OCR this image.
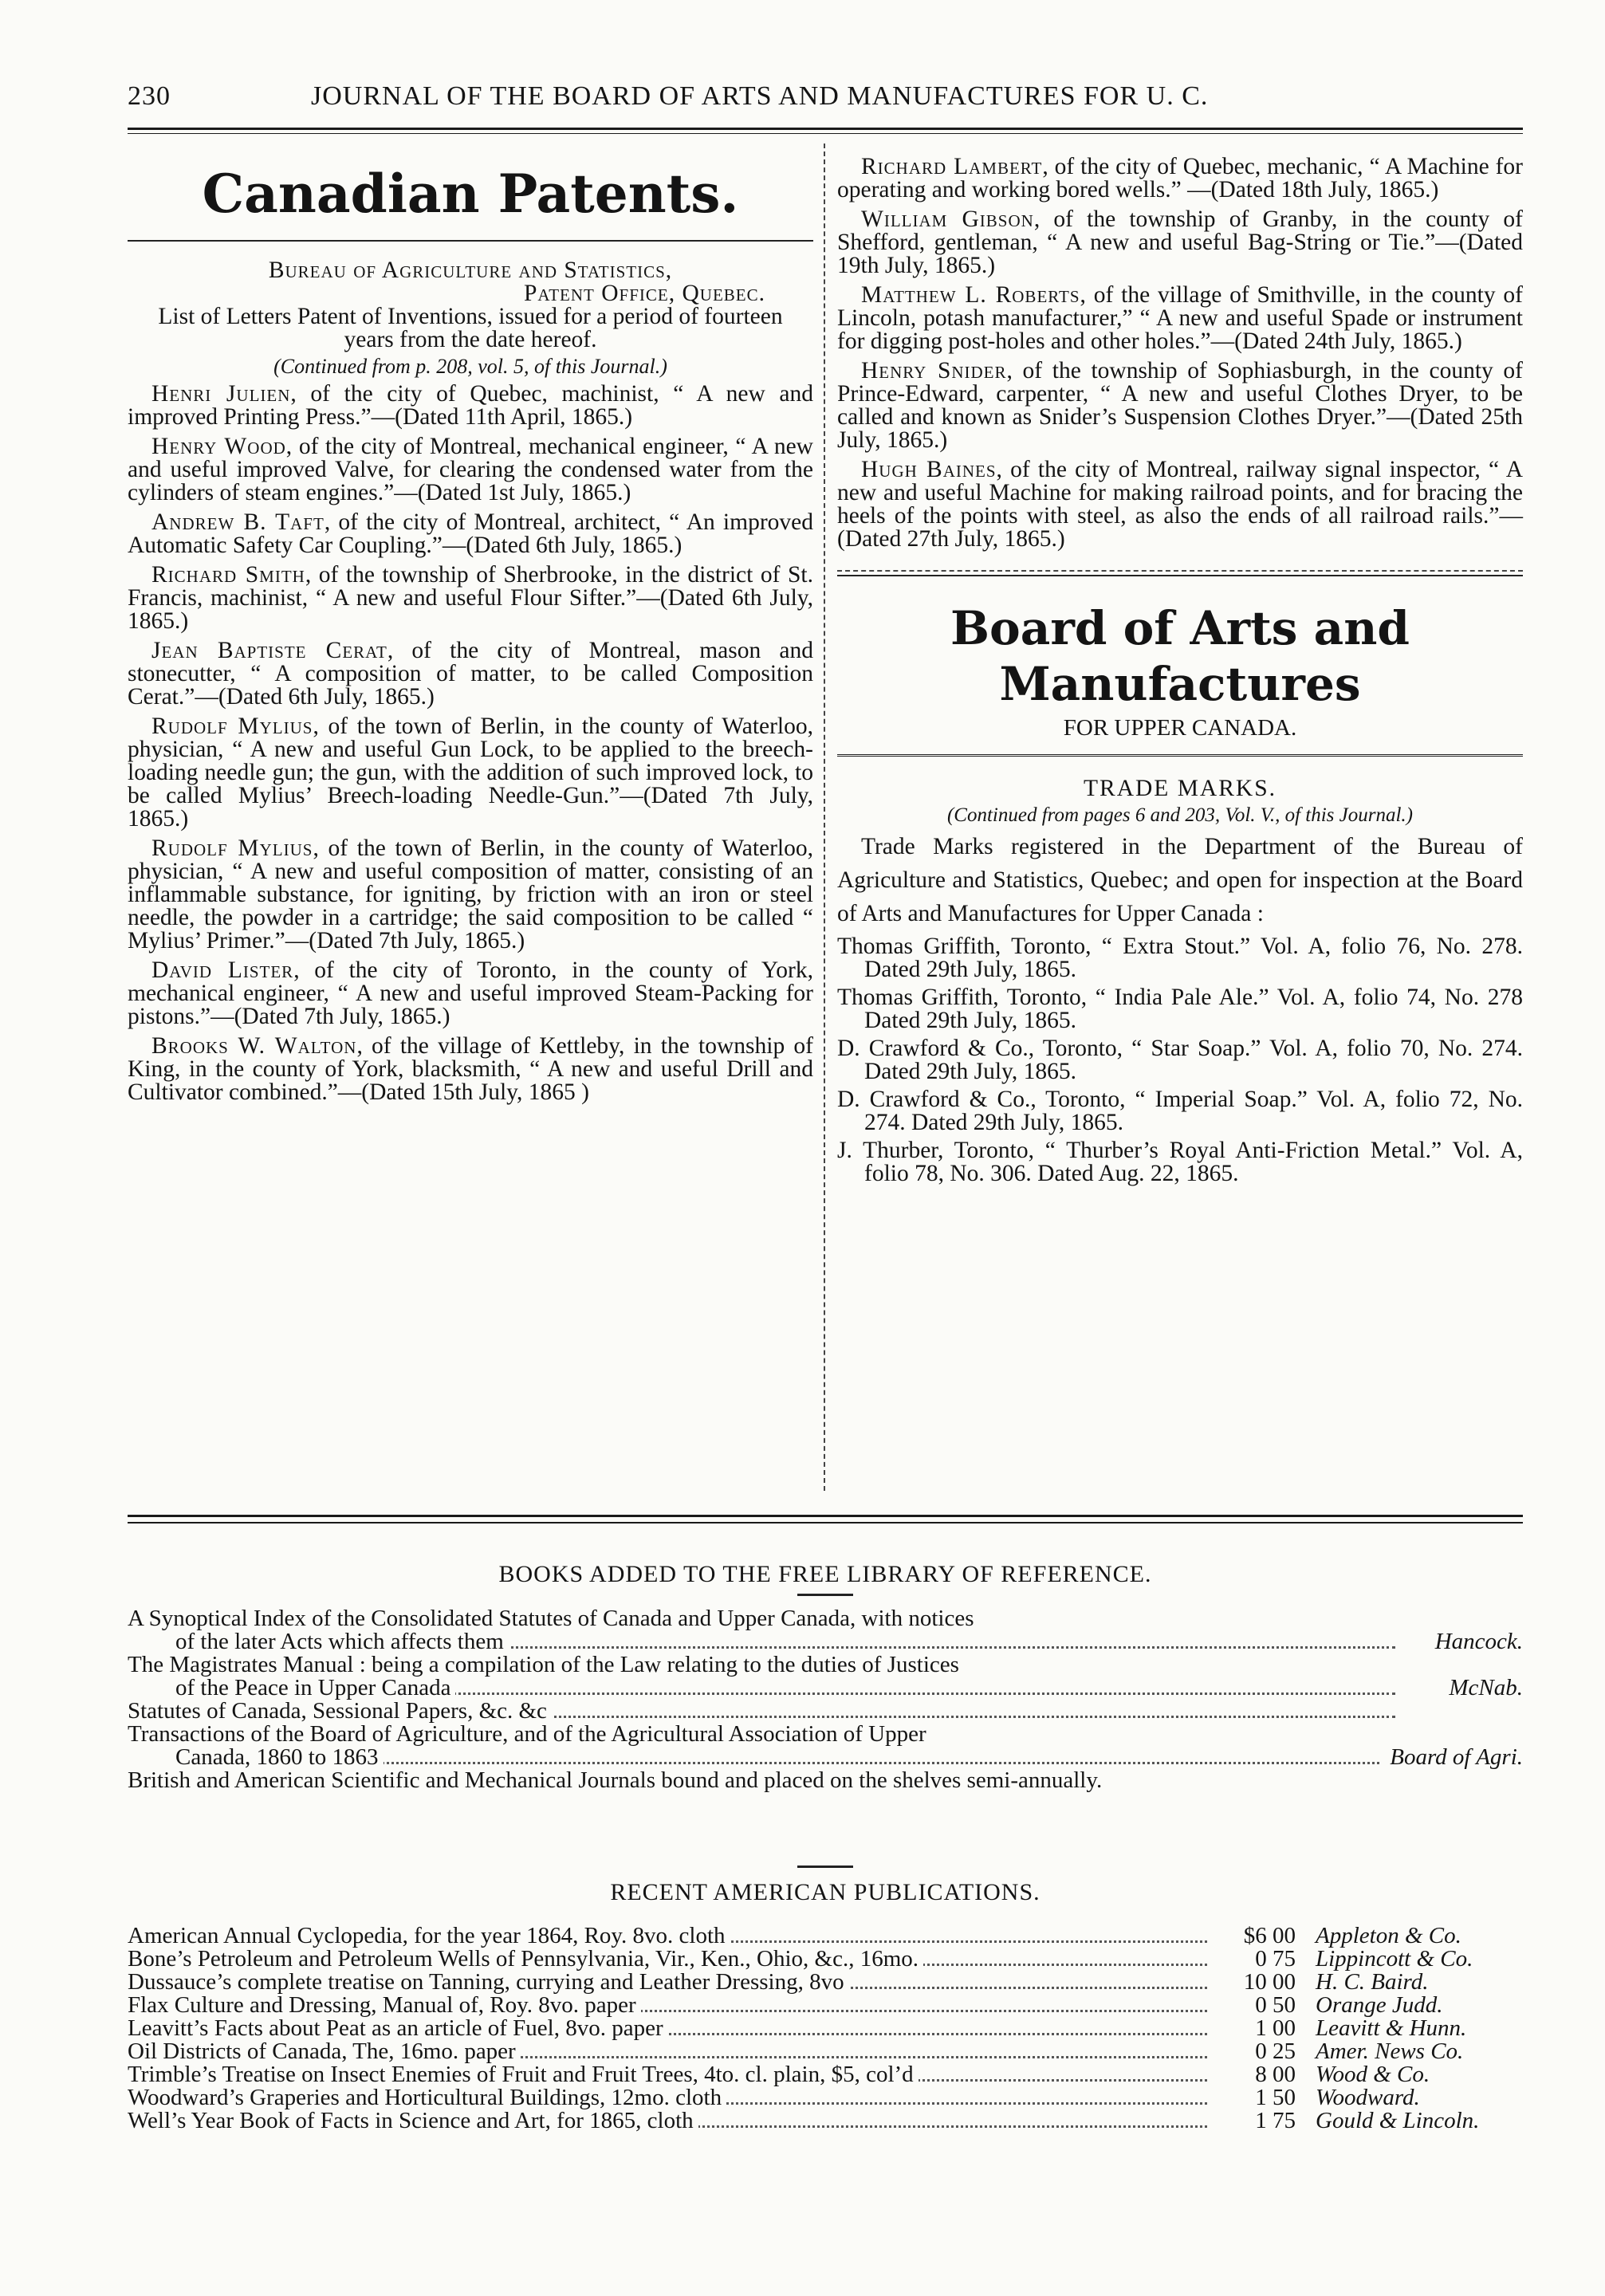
230	JOURNAL OF THE BOARD OF ARTS AND MANUFACTURES FOR U. C.
Canadian Patents.
Bureau of Agriculture and Statistics,
Patent Office, Quebec.
List of Letters Patent of Inventions, issued for a period of fourteen years from the date hereof.
(Continued from p. 208, vol. 5, of this Journal.)
Henri Julien, of the city of Quebec, machinist, “ A new and improved Printing Press.”—(Dated 11th April, 1865.)
Henry Wood, of the city of Montreal, mechanical engineer, “ A new and useful improved Valve, for clearing the condensed water from the cylinders of steam engines.”—(Dated 1st July, 1865.)
Andrew B. Taft, of the city of Montreal, architect, “ An improved Automatic Safety Car Coupling.”—(Dated 6th July, 1865.)
Richard Smith, of the township of Sherbrooke, in the district of St. Francis, machinist, “ A new and useful Flour Sifter.”—(Dated 6th July, 1865.)
Jean Baptiste Cerat, of the city of Montreal, mason and stonecutter, “ A composition of matter, to be called Composition Cerat.”—(Dated 6th July, 1865.)
Rudolf Mylius, of the town of Berlin, in the county of Waterloo, physician, “ A new and useful Gun Lock, to be applied to the breech-loading needle gun; the gun, with the addition of such improved lock, to be called Mylius’ Breech-loading Needle-Gun.”—(Dated 7th July, 1865.)
Rudolf Mylius, of the town of Berlin, in the county of Waterloo, physician, “ A new and useful composition of matter, consisting of an inflammable substance, for igniting, by friction with an iron or steel needle, the powder in a cartridge; the said composition to be called “ Mylius’ Primer.”—(Dated 7th July, 1865.)
David Lister, of the city of Toronto, in the county of York, mechanical engineer, “ A new and useful improved Steam-Packing for pistons.”—(Dated 7th July, 1865.)
Brooks W. Walton, of the village of Kettleby, in the township of King, in the county of York, blacksmith, “ A new and useful Drill and Cultivator combined.”—(Dated 15th July, 1865 )
Richard Lambert, of the city of Quebec, mechanic, “ A Machine for operating and working bored wells.” —(Dated 18th July, 1865.)
William Gibson, of the township of Granby, in the county of Shefford, gentleman, “ A new and useful Bag-String or Tie.”—(Dated 19th July, 1865.)
Matthew L. Roberts, of the village of Smithville, in the county of Lincoln, potash manufacturer,” “ A new and useful Spade or instrument for digging post-holes and other holes.”—(Dated 24th July, 1865.)
Henry Snider, of the township of Sophiasburgh, in the county of Prince-Edward, carpenter, “ A new and useful Clothes Dryer, to be called and known as Snider’s Suspension Clothes Dryer.”—(Dated 25th July, 1865.)
Hugh Baines, of the city of Montreal, railway signal inspector, “ A new and useful Machine for making railroad points, and for bracing the heels of the points with steel, as also the ends of all railroad rails.”—(Dated 27th July, 1865.)
Board of Arts and Manufactures
FOR UPPER CANADA.
TRADE MARKS.
(Continued from pages 6 and 203, Vol. V., of this Journal.)
Trade Marks registered in the Department of the Bureau of Agriculture and Statistics, Quebec; and open for inspection at the Board of Arts and Manufactures for Upper Canada :
Thomas Griffith, Toronto, “ Extra Stout.” Vol. A, folio 76, No. 278. Dated 29th July, 1865.
Thomas Griffith, Toronto, “ India Pale Ale.” Vol. A, folio 74, No. 278 Dated 29th July, 1865.
D. Crawford & Co., Toronto, “ Star Soap.” Vol. A, folio 70, No. 274. Dated 29th July, 1865.
D. Crawford & Co., Toronto, “ Imperial Soap.” Vol. A, folio 72, No. 274. Dated 29th July, 1865.
J. Thurber, Toronto, “ Thurber’s Royal Anti-Friction Metal.” Vol. A, folio 78, No. 306. Dated Aug. 22, 1865.
BOOKS ADDED TO THE FREE LIBRARY OF REFERENCE.
A Synoptical Index of the Consolidated Statutes of Canada and Upper Canada, with notices
of the later Acts which affects them	Hancock.
The Magistrates Manual : being a compilation of the Law relating to the duties of Justices
of the Peace in Upper Canada	McNab.
Statutes of Canada, Sessional Papers, &c. &c
Transactions of the Board of Agriculture, and of the Agricultural Association of Upper
Canada, 1860 to 1863	Board of Agri.
British and American Scientific and Mechanical Journals bound and placed on the shelves semi-annually.
RECENT AMERICAN PUBLICATIONS.
American Annual Cyclopedia, for the year 1864, Roy. 8vo. cloth	$6 00 Appleton & Co.
Bone’s Petroleum and Petroleum Wells of Pennsylvania, Vir., Ken., Ohio, &c., 16mo.	0 75 Lippincott & Co.
Dussauce’s complete treatise on Tanning, currying and Leather Dressing, 8vo	10 00 H. C. Baird.
Flax Culture and Dressing, Manual of, Roy. 8vo. paper	0 50 Orange Judd.
Leavitt’s Facts about Peat as an article of Fuel, 8vo. paper	1 00 Leavitt & Hunn.
Oil Districts of Canada, The, 16mo. paper	0 25 Amer. News Co.
Trimble’s Treatise on Insect Enemies of Fruit and Fruit Trees, 4to. cl. plain, $5, col’d	8 00 Wood & Co.
Woodward’s Graperies and Horticultural Buildings, 12mo. cloth	1 50 Woodward.
Well’s Year Book of Facts in Science and Art, for 1865, cloth	1 75 Gould & Lincoln.
